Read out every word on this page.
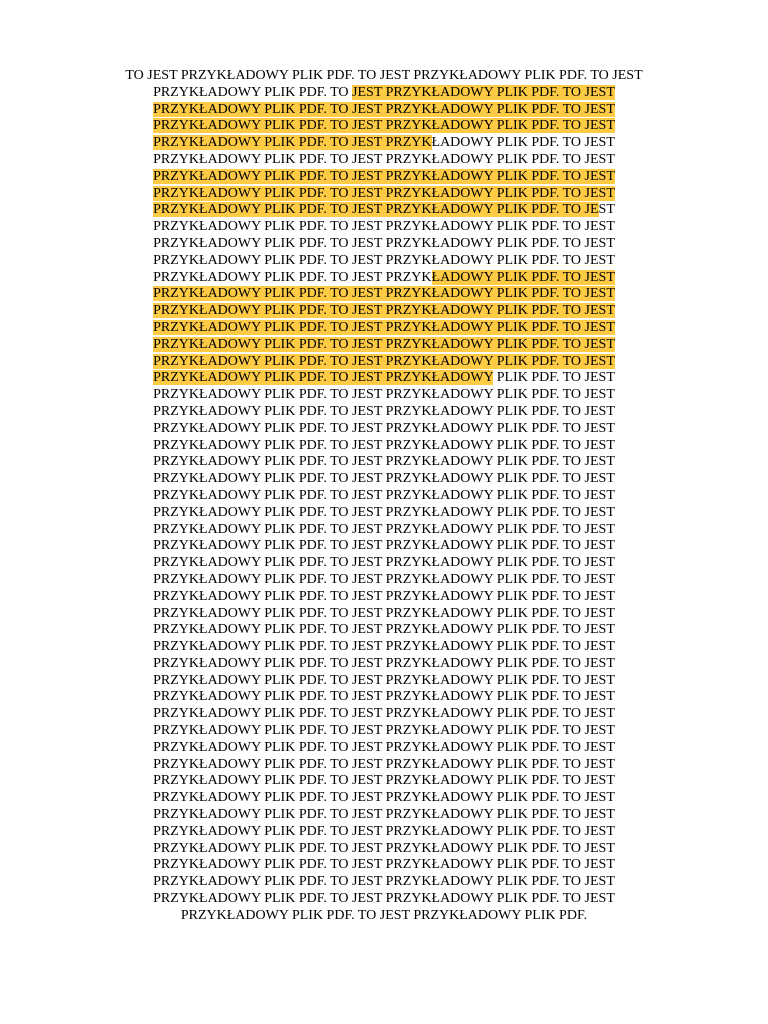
TO JEST PRZYKŁADOWY PLIK PDF. TO JEST PRZYKŁADOWY PLIK PDF. TO JEST
PRZYKŁADOWY PLIK PDF. TO JEST PRZYKŁADOWY PLIK PDF. TO JEST
PRZYKŁADOWY PLIK PDF. TO JEST PRZYKŁADOWY PLIK PDF. TO JEST
PRZYKŁADOWY PLIK PDF. TO JEST PRZYKŁADOWY PLIK PDF. TO JEST
PRZYKŁADOWY PLIK PDF. TO JEST PRZYKŁADOWY PLIK PDF. TO JEST
PRZYKŁADOWY PLIK PDF. TO JEST PRZYKŁADOWY PLIK PDF. TO JEST
PRZYKŁADOWY PLIK PDF. TO JEST PRZYKŁADOWY PLIK PDF. TO JEST
PRZYKŁADOWY PLIK PDF. TO JEST PRZYKŁADOWY PLIK PDF. TO JEST
PRZYKŁADOWY PLIK PDF. TO JEST PRZYKŁADOWY PLIK PDF. TO JEST
PRZYKŁADOWY PLIK PDF. TO JEST PRZYKŁADOWY PLIK PDF. TO JEST
PRZYKŁADOWY PLIK PDF. TO JEST PRZYKŁADOWY PLIK PDF. TO JEST
PRZYKŁADOWY PLIK PDF. TO JEST PRZYKŁADOWY PLIK PDF. TO JEST
PRZYKŁADOWY PLIK PDF. TO JEST PRZYKŁADOWY PLIK PDF. TO JEST
PRZYKŁADOWY PLIK PDF. TO JEST PRZYKŁADOWY PLIK PDF. TO JEST
PRZYKŁADOWY PLIK PDF. TO JEST PRZYKŁADOWY PLIK PDF. TO JEST
PRZYKŁADOWY PLIK PDF. TO JEST PRZYKŁADOWY PLIK PDF. TO JEST
PRZYKŁADOWY PLIK PDF. TO JEST PRZYKŁADOWY PLIK PDF. TO JEST
PRZYKŁADOWY PLIK PDF. TO JEST PRZYKŁADOWY PLIK PDF. TO JEST
PRZYKŁADOWY PLIK PDF. TO JEST PRZYKŁADOWY PLIK PDF. TO JEST
PRZYKŁADOWY PLIK PDF. TO JEST PRZYKŁADOWY PLIK PDF. TO JEST
PRZYKŁADOWY PLIK PDF. TO JEST PRZYKŁADOWY PLIK PDF. TO JEST
PRZYKŁADOWY PLIK PDF. TO JEST PRZYKŁADOWY PLIK PDF. TO JEST
PRZYKŁADOWY PLIK PDF. TO JEST PRZYKŁADOWY PLIK PDF. TO JEST
PRZYKŁADOWY PLIK PDF. TO JEST PRZYKŁADOWY PLIK PDF. TO JEST
PRZYKŁADOWY PLIK PDF. TO JEST PRZYKŁADOWY PLIK PDF. TO JEST
PRZYKŁADOWY PLIK PDF. TO JEST PRZYKŁADOWY PLIK PDF. TO JEST
PRZYKŁADOWY PLIK PDF. TO JEST PRZYKŁADOWY PLIK PDF. TO JEST
PRZYKŁADOWY PLIK PDF. TO JEST PRZYKŁADOWY PLIK PDF. TO JEST
PRZYKŁADOWY PLIK PDF. TO JEST PRZYKŁADOWY PLIK PDF. TO JEST
PRZYKŁADOWY PLIK PDF. TO JEST PRZYKŁADOWY PLIK PDF. TO JEST
PRZYKŁADOWY PLIK PDF. TO JEST PRZYKŁADOWY PLIK PDF. TO JEST
PRZYKŁADOWY PLIK PDF. TO JEST PRZYKŁADOWY PLIK PDF. TO JEST
PRZYKŁADOWY PLIK PDF. TO JEST PRZYKŁADOWY PLIK PDF. TO JEST
PRZYKŁADOWY PLIK PDF. TO JEST PRZYKŁADOWY PLIK PDF. TO JEST
PRZYKŁADOWY PLIK PDF. TO JEST PRZYKŁADOWY PLIK PDF. TO JEST
PRZYKŁADOWY PLIK PDF. TO JEST PRZYKŁADOWY PLIK PDF. TO JEST
PRZYKŁADOWY PLIK PDF. TO JEST PRZYKŁADOWY PLIK PDF. TO JEST
PRZYKŁADOWY PLIK PDF. TO JEST PRZYKŁADOWY PLIK PDF. TO JEST
PRZYKŁADOWY PLIK PDF. TO JEST PRZYKŁADOWY PLIK PDF. TO JEST
PRZYKŁADOWY PLIK PDF. TO JEST PRZYKŁADOWY PLIK PDF. TO JEST
PRZYKŁADOWY PLIK PDF. TO JEST PRZYKŁADOWY PLIK PDF. TO JEST
PRZYKŁADOWY PLIK PDF. TO JEST PRZYKŁADOWY PLIK PDF. TO JEST
PRZYKŁADOWY PLIK PDF. TO JEST PRZYKŁADOWY PLIK PDF. TO JEST
PRZYKŁADOWY PLIK PDF. TO JEST PRZYKŁADOWY PLIK PDF. TO JEST
PRZYKŁADOWY PLIK PDF. TO JEST PRZYKŁADOWY PLIK PDF. TO JEST
PRZYKŁADOWY PLIK PDF. TO JEST PRZYKŁADOWY PLIK PDF. TO JEST
PRZYKŁADOWY PLIK PDF. TO JEST PRZYKŁADOWY PLIK PDF. TO JEST
PRZYKŁADOWY PLIK PDF. TO JEST PRZYKŁADOWY PLIK PDF. TO JEST
PRZYKŁADOWY PLIK PDF. TO JEST PRZYKŁADOWY PLIK PDF. TO JEST
PRZYKŁADOWY PLIK PDF. TO JEST PRZYKŁADOWY PLIK PDF. TO JEST
PRZYKŁADOWY PLIK PDF. TO JEST PRZYKŁADOWY PLIK PDF.
